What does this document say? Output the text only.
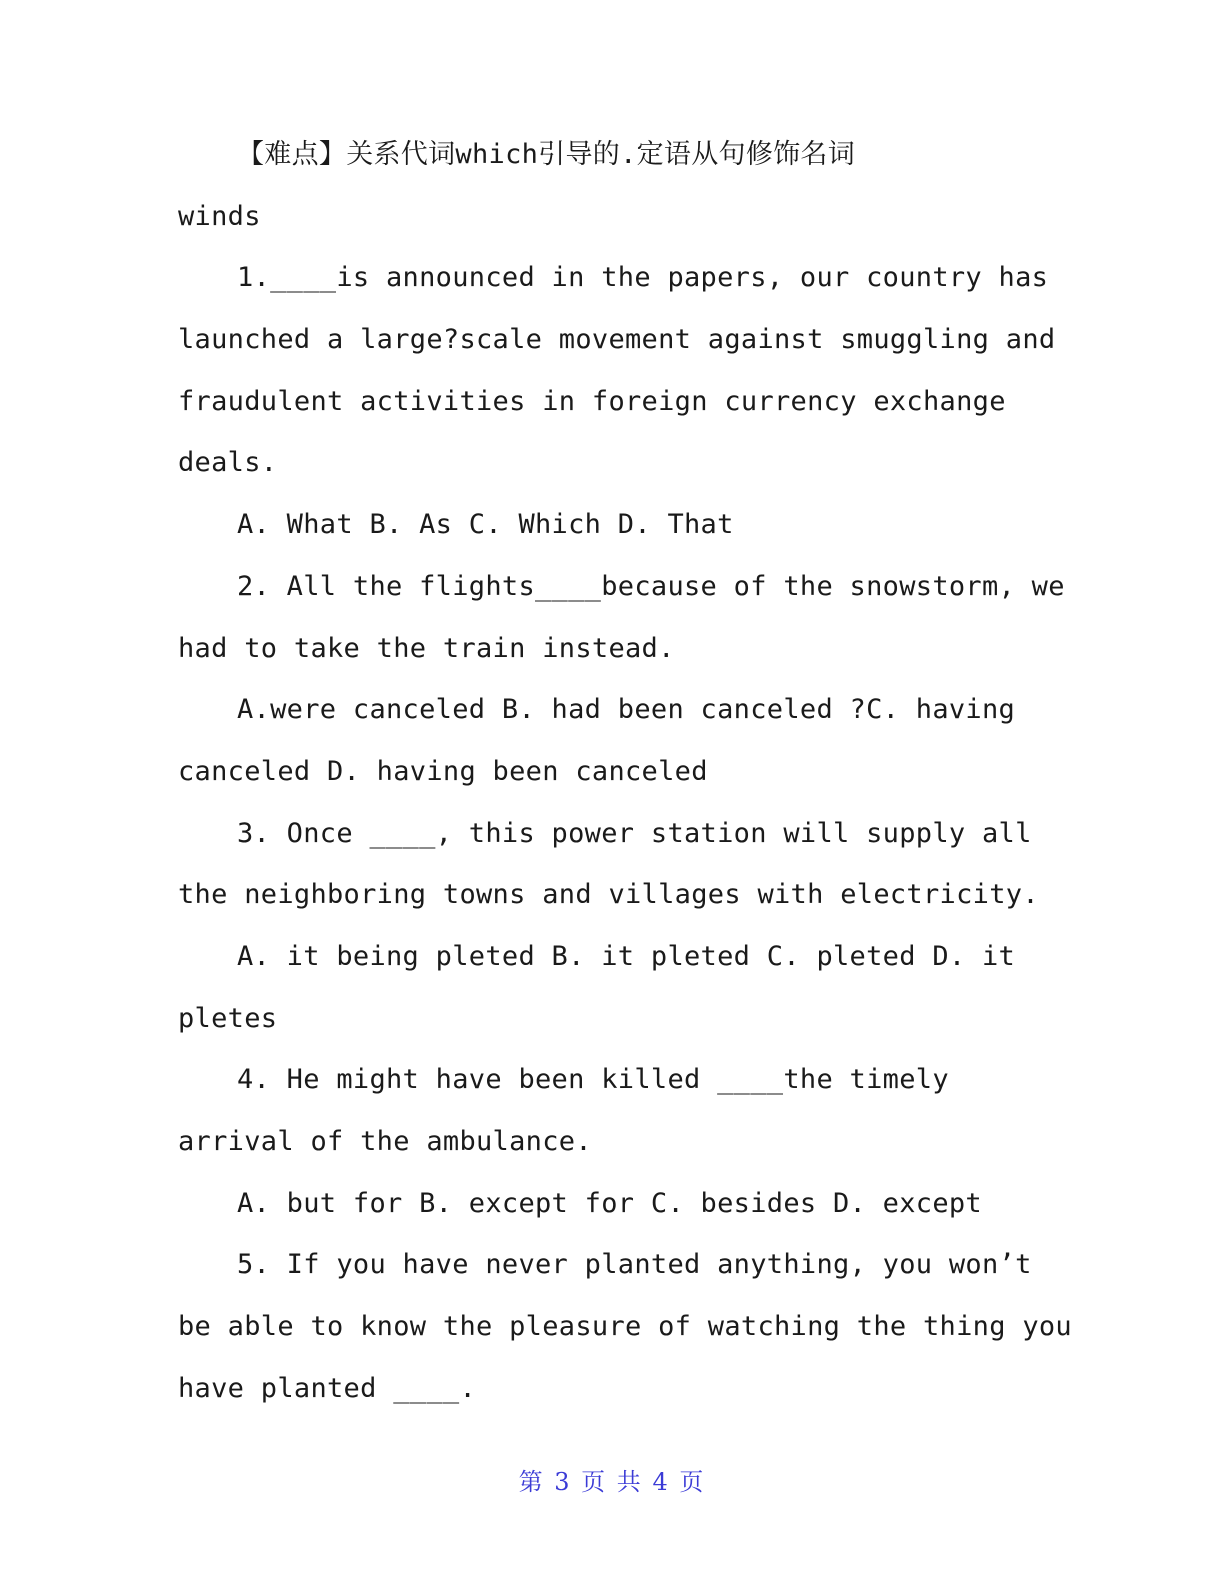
【难点】关系代词which引导的.定语从句修饰名词
winds
1.____is announced in the papers, our country has
launched a large?scale movement against smuggling and
fraudulent activities in foreign currency exchange
deals.
A. What B. As C. Which D. That
2. All the flights____because of the snowstorm, we
had to take the train instead.
A.were canceled B. had been canceled ?C. having
canceled D. having been canceled
3. Once ____, this power station will supply all
the neighboring towns and villages with electricity.
A. it being pleted B. it pleted C. pleted D. it
pletes
4. He might have been killed ____the timely
arrival of the ambulance.
A. but for B. except for C. besides D. except
5. If you have never planted anything, you won’t
be able to know the pleasure of watching the thing you
have planted ____.
第 3 页 共 4 页
